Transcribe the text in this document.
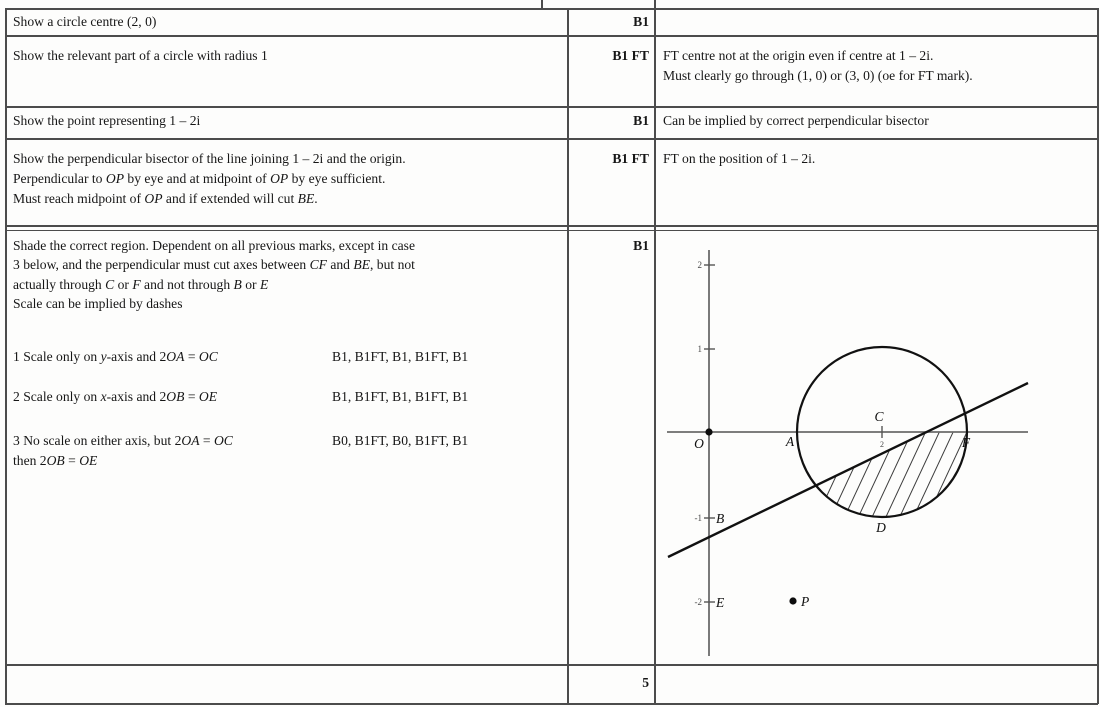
Show a circle centre (2, 0)	B1
Show the relevant part of a circle with radius 1	B1 FT	FT centre not at the origin even if centre at 1 – 2i.
Must clearly go through (1, 0) or (3, 0) (oe for FT mark).
Show the point representing 1 – 2i	B1	Can be implied by correct perpendicular bisector
Show the perpendicular bisector of the line joining 1 – 2i and the origin.
Perpendicular to OP by eye and at midpoint of OP by eye sufficient.
Must reach midpoint of OP and if extended will cut BE.
B1 FT	FT on the position of 1 – 2i.
Shade the correct region. Dependent on all previous marks, except in case
3 below, and the perpendicular must cut axes between CF and BE, but not
actually through C or F and not through B or E
Scale can be implied by dashes
1 Scale only on y-axis and 2OA = OC	B1, B1FT, B1, B1FT, B1
2 Scale only on x-axis and 2OB = OE	B1, B1FT, B1, B1FT, B1
3 No scale on either axis, but 2OA = OC
then 2OB = OE
B0, B1FT, B0, B1FT, B1
B1
2
1
-1
-2
2
O	A
C
F
B
E
D
P
5
